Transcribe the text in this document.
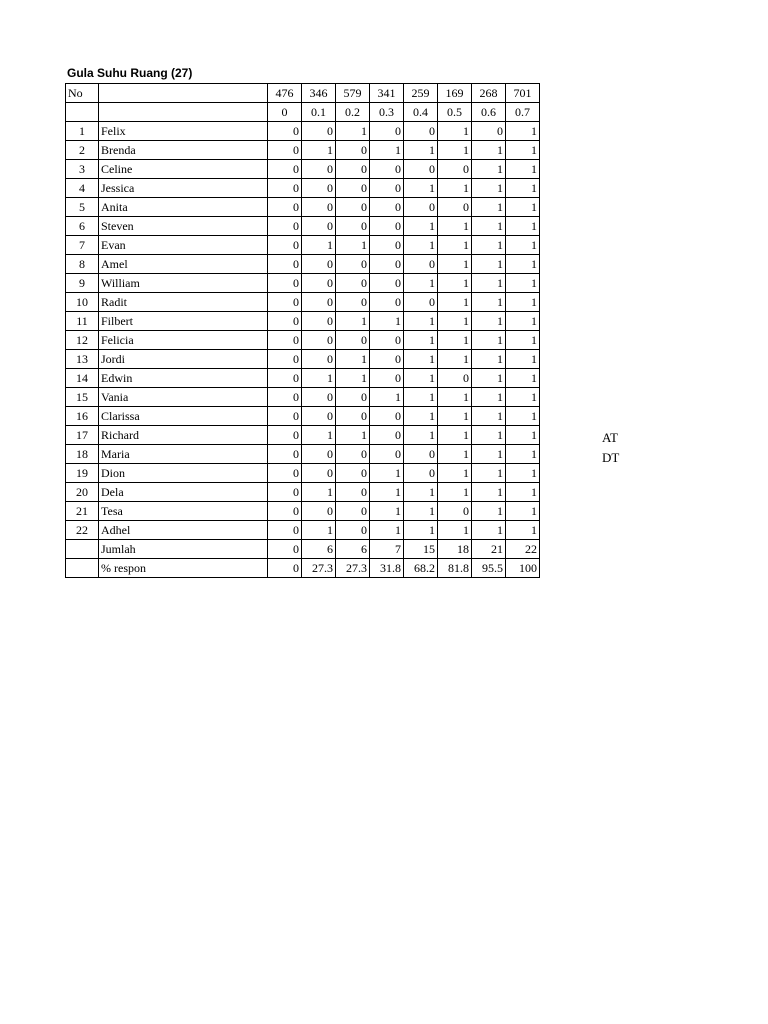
Gula Suhu Ruang (27)
No		476	346	579	341	259	169	268	701
		0	0.1	0.2	0.3	0.4	0.5	0.6	0.7
1	Felix	0	0	1	0	0	1	0	1
2	Brenda	0	1	0	1	1	1	1	1
3	Celine	0	0	0	0	0	0	1	1
4	Jessica	0	0	0	0	1	1	1	1
5	Anita	0	0	0	0	0	0	1	1
6	Steven	0	0	0	0	1	1	1	1
7	Evan	0	1	1	0	1	1	1	1
8	Amel	0	0	0	0	0	1	1	1
9	William	0	0	0	0	1	1	1	1
10	Radit	0	0	0	0	0	1	1	1
11	Filbert	0	0	1	1	1	1	1	1
12	Felicia	0	0	0	0	1	1	1	1
13	Jordi	0	0	1	0	1	1	1	1
14	Edwin	0	1	1	0	1	0	1	1
15	Vania	0	0	0	1	1	1	1	1
16	Clarissa	0	0	0	0	1	1	1	1
17	Richard	0	1	1	0	1	1	1	1
18	Maria	0	0	0	0	0	1	1	1
19	Dion	0	0	0	1	0	1	1	1
20	Dela	0	1	0	1	1	1	1	1
21	Tesa	0	0	0	1	1	0	1	1
22	Adhel	0	1	0	1	1	1	1	1
	Jumlah	0	6	6	7	15	18	21	22
	% respon	0	27.3	27.3	31.8	68.2	81.8	95.5	100
AT
DT
